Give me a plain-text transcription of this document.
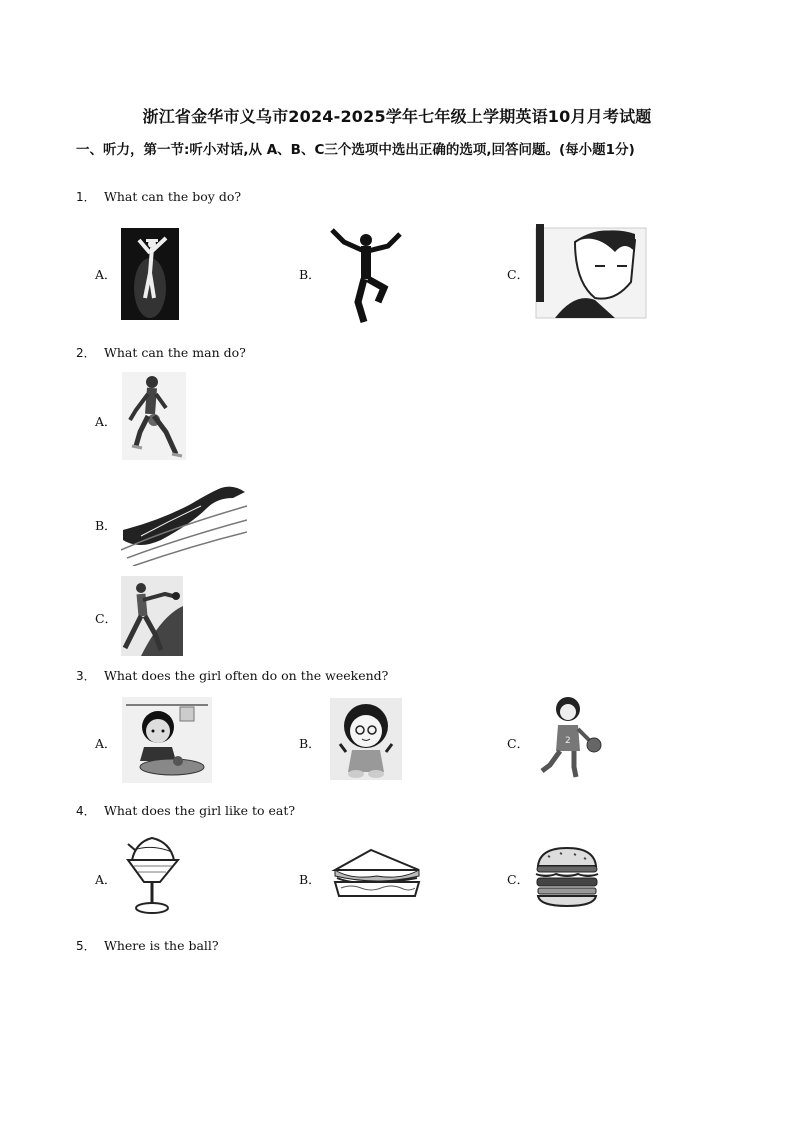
浙江省金华市义乌市2024-2025学年七年级上学期英语10月月考试题
一、听力，第一节:听小对话,从 A、B、C三个选项中选出正确的选项,回答问题。(每小题1分)
1． What can the boy do?
A．	B．	C．
2． What can the man do?
A．
B．
C．
3． What does the girl often do on the weekend?
A．	B．	C．	2
4． What does the girl like to eat?
A．	B．	C．
5． Where is the ball?
